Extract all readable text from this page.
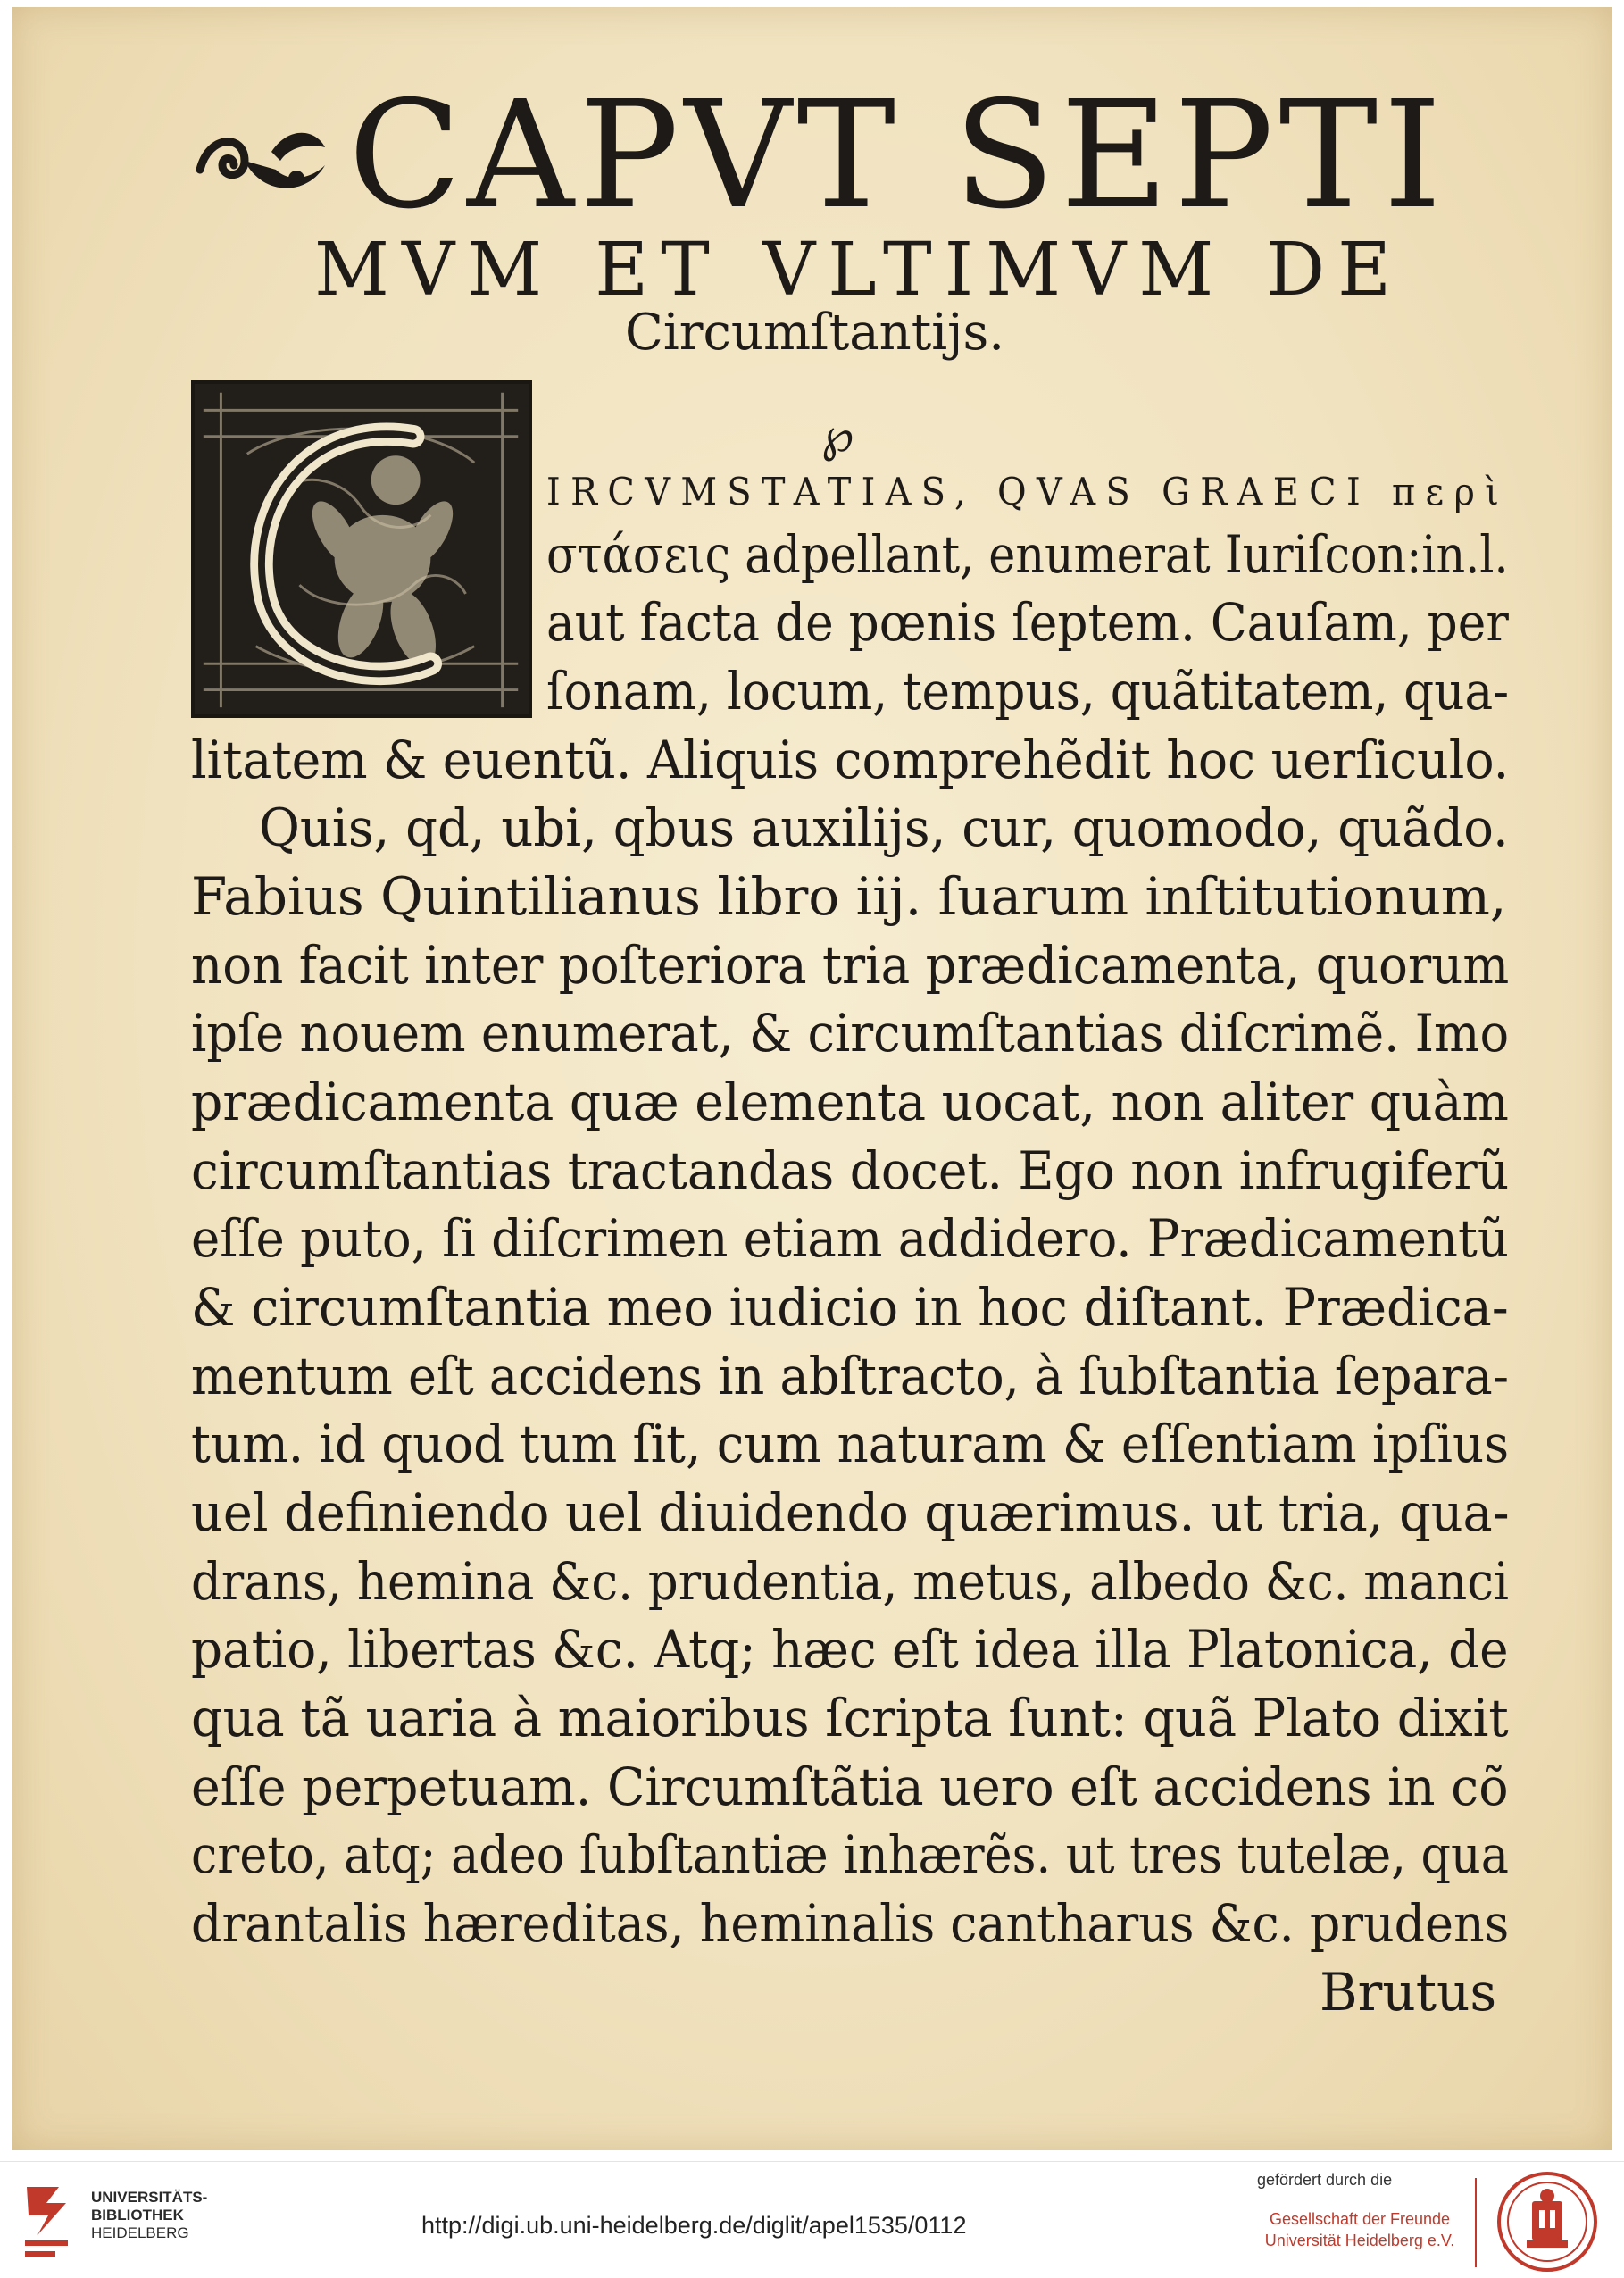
CAPVT SEPTI
MVM ET VLTIMVM DE
Circumſtantijs.
℘
IRCVMSTATIAS, QVAS GRAECI περὶ
στάσεις adpellant, enumerat Iuriſcon:in.l.
aut facta de pœnis ſeptem. Cauſam, per
ſonam, locum, tempus, quãtitatem, qua-
litatem & euentũ. Aliquis comprehẽdit hoc uerſiculo.
Quis, qd, ubi, qbus auxilijs, cur, quomodo, quãdo.
Fabius Quintilianus libro iij. ſuarum inſtitutionum,
non facit inter poſteriora tria prædicamenta, quorum
ipſe nouem enumerat, & circumſtantias diſcrimẽ. Imo
prædicamenta quæ elementa uocat, non aliter quàm
circumſtantias tractandas docet. Ego non infrugiferũ
eſſe puto, ſi diſcrimen etiam addidero. Prædicamentũ
& circumſtantia meo iudicio in hoc diſtant. Prædica-
mentum eſt accidens in abſtracto, à ſubſtantia ſepara-
tum. id quod tum ſit, cum naturam & eſſentiam ipſius
uel definiendo uel diuidendo quærimus. ut tria, qua-
drans, hemina &c. prudentia, metus, albedo &c. manci
patio, libertas &c. Atq; hæc eſt idea illa Platonica, de
qua tã uaria à maioribus ſcripta ſunt: quã Plato dixit
eſſe perpetuam. Circumſtãtia uero eſt accidens in cõ
creto, atq; adeo ſubſtantiæ inhærẽs. ut tres tutelæ, qua
drantalis hæreditas, heminalis cantharus &c. prudens
Brutus
UNIVERSITÄTS-
BIBLIOTHEK
HEIDELBERG	http://digi.ub.uni-heidelberg.de/diglit/apel1535/0112
gefördert durch die
Gesellschaft der Freunde
Universität Heidelberg e.V.
